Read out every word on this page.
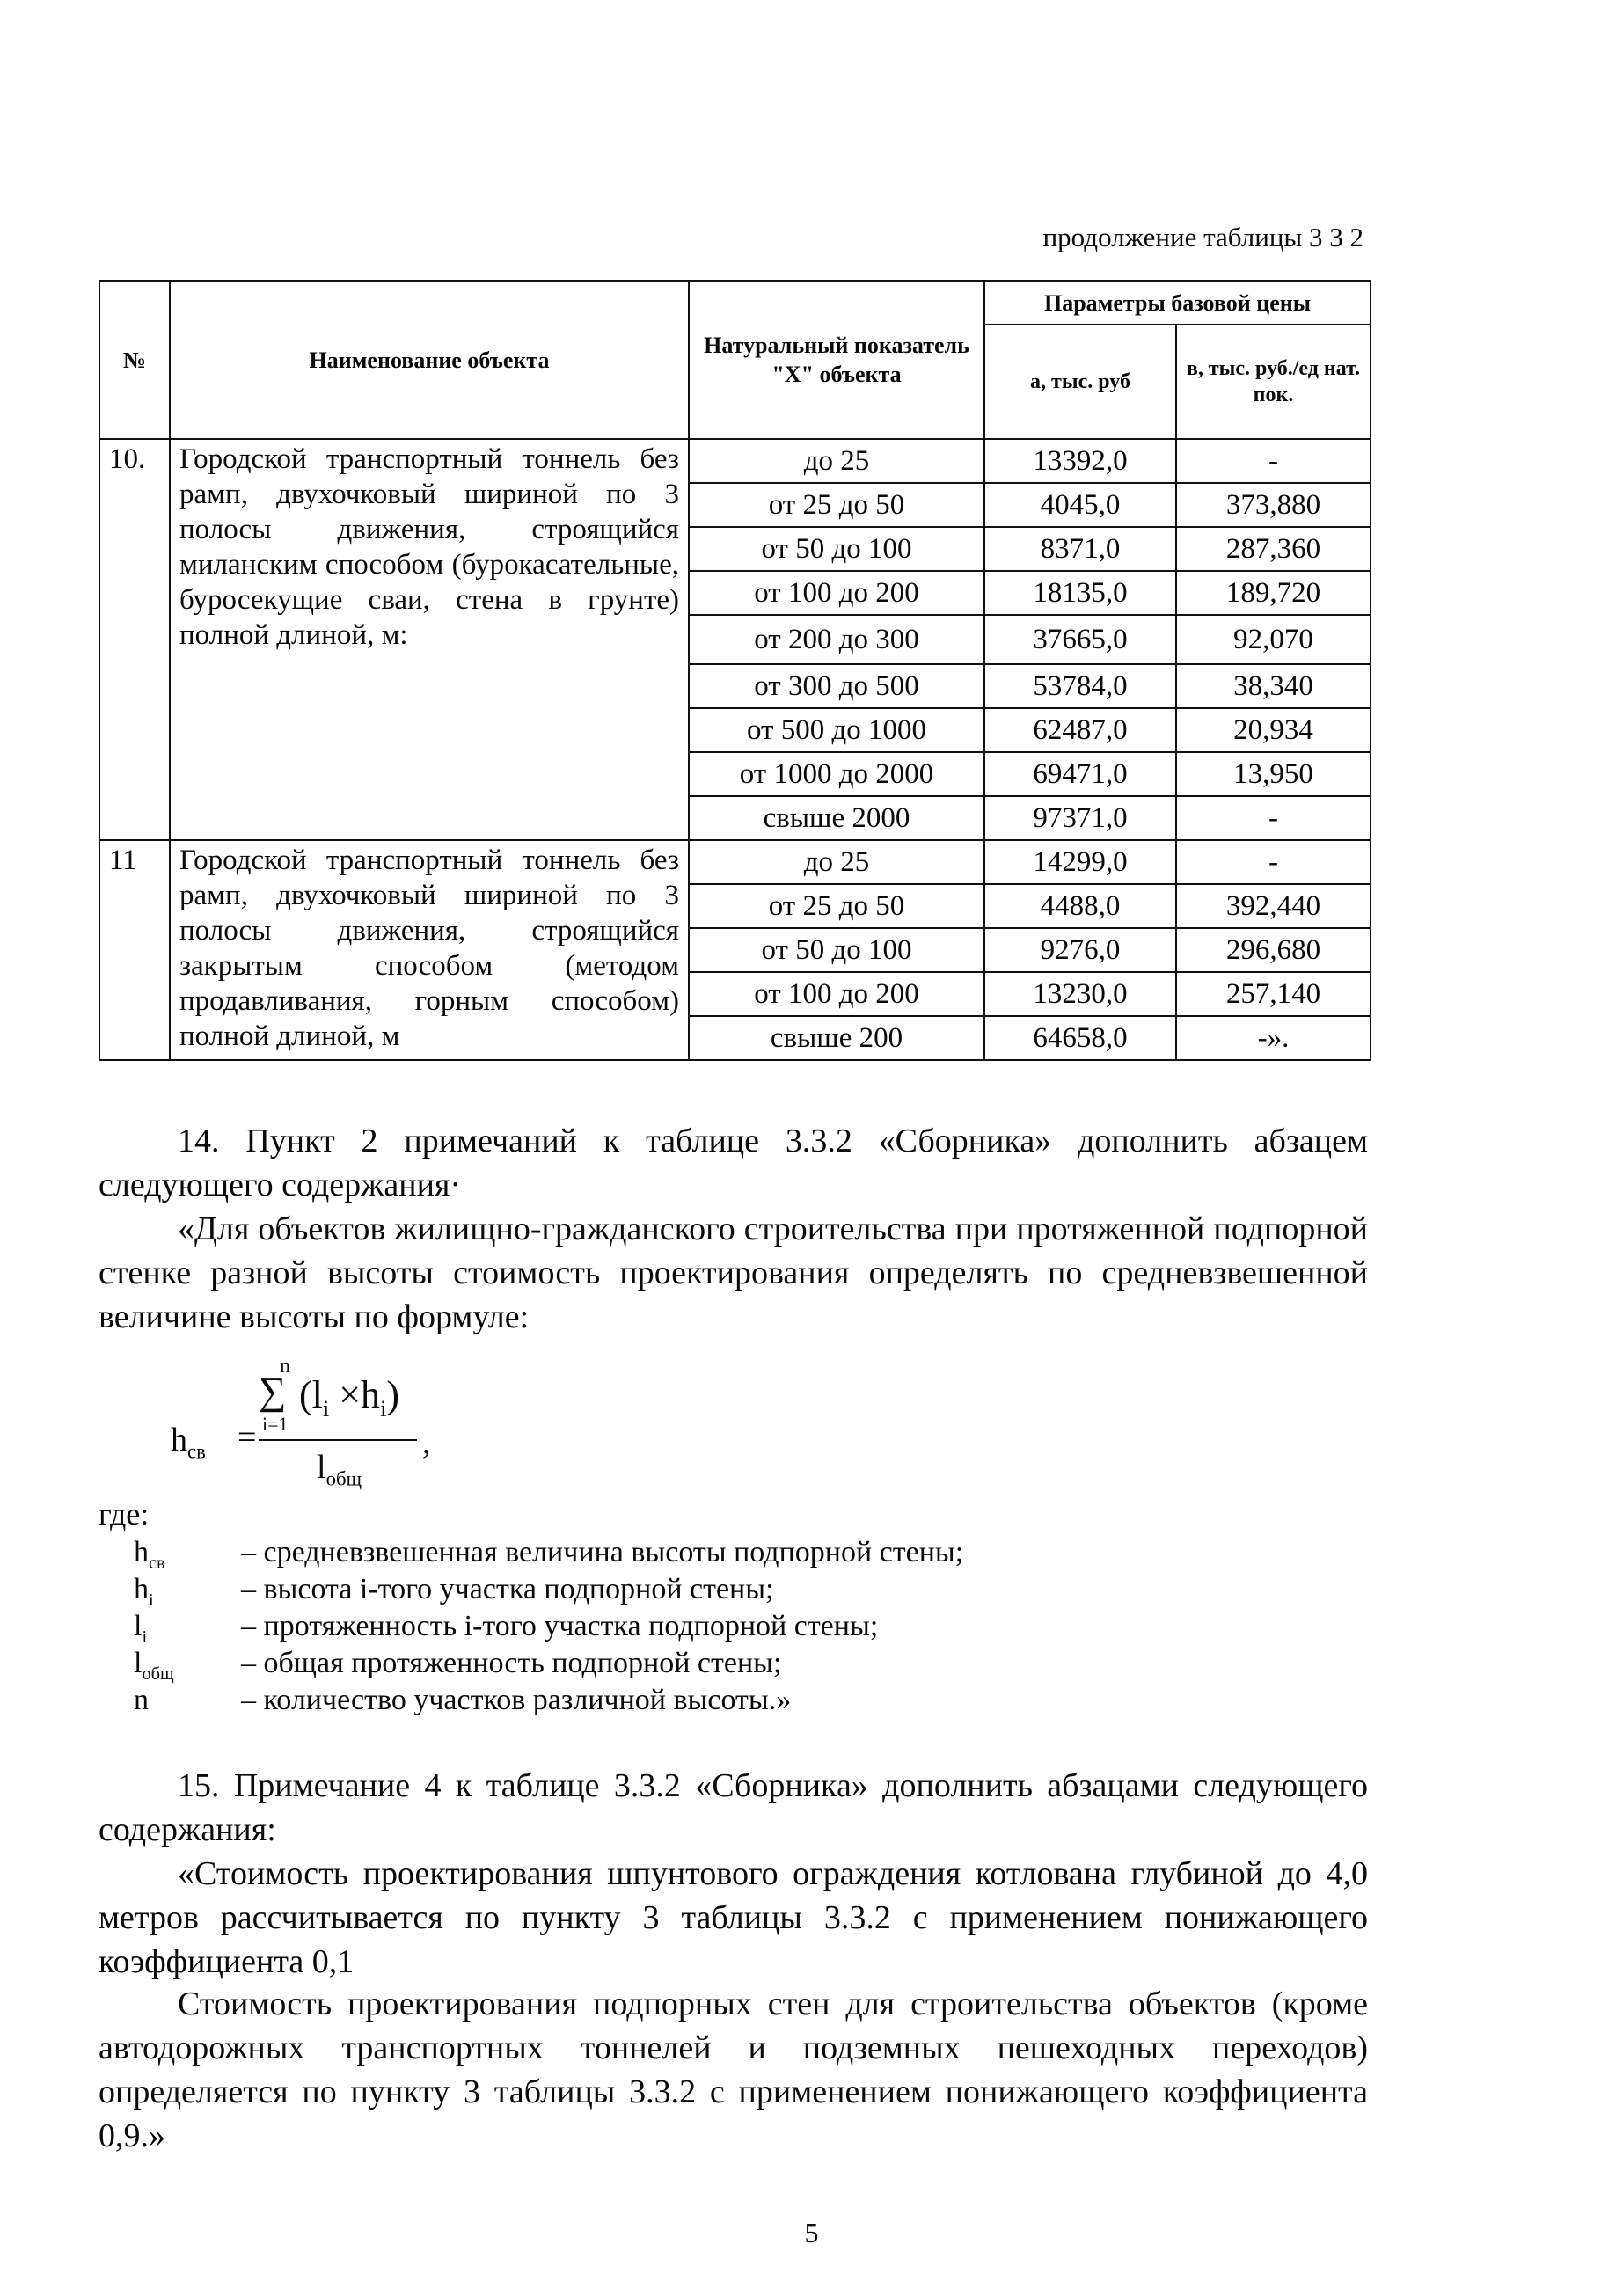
продолжение таблицы 3 3 2
№	Наименование объекта	Натуральный показатель "X" объекта	Параметры базовой цены	
			а, тыс. руб	в, тыс. руб./ед нат. пок.
10.	Городской транспортный тоннель без рамп, двухочковый шириной по 3 полосы движения, строящийся миланским способом (бурокасательные, буросекущие сваи, стена в грунте) полной длиной, м:	до 25	13392,0	-
		от 25 до 50	4045,0	373,880
		от 50 до 100	8371,0	287,360
		от 100 до 200	18135,0	189,720
		от 200 до 300	37665,0	92,070
		от 300 до 500	53784,0	38,340
		от 500 до 1000	62487,0	20,934
		от 1000 до 2000	69471,0	13,950
		свыше 2000	97371,0	-
11	Городской транспортный тоннель без рамп, двухочковый шириной по 3 полосы движения, строящийся закрытым способом (методом продавливания, горным способом) полной длиной, м	до 25	14299,0	-
		от 25 до 50	4488,0	392,440
		от 50 до 100	9276,0	296,680
		от 100 до 200	13230,0	257,140
		свыше 200	64658,0	-».
14. Пункт 2 примечаний к таблице 3.3.2 «Сборника» дополнить абзацем следующего содержания·
«Для объектов жилищно-гражданского строительства при протяженной подпорной стенке разной высоты стоимость проектирования определять по средневзвешенной величине высоты по формуле:
$h_{св}$ =
n
∑
i=1
$(l_i \times h_i)$
$l_{общ}$
,
где:
$h_{св}$	– средневзвешенная величина высоты подпорной стены;
$h_i$	– высота i-того участка подпорной стены;
$l_i$	– протяженность i-того участка подпорной стены;
$l_{общ}$ – общая протяженность подпорной стены;
n	– количество участков различной высоты.»
15. Примечание 4 к таблице 3.3.2 «Сборника» дополнить абзацами следующего содержания:
«Стоимость проектирования шпунтового ограждения котлована глубиной до 4,0 метров рассчитывается по пункту 3 таблицы 3.3.2 с применением понижающего коэффициента 0,1
Стоимость проектирования подпорных стен для строительства объектов (кроме автодорожных транспортных тоннелей и подземных пешеходных переходов) определяется по пункту 3 таблицы 3.3.2 с применением понижающего коэффициента 0,9.»
5
